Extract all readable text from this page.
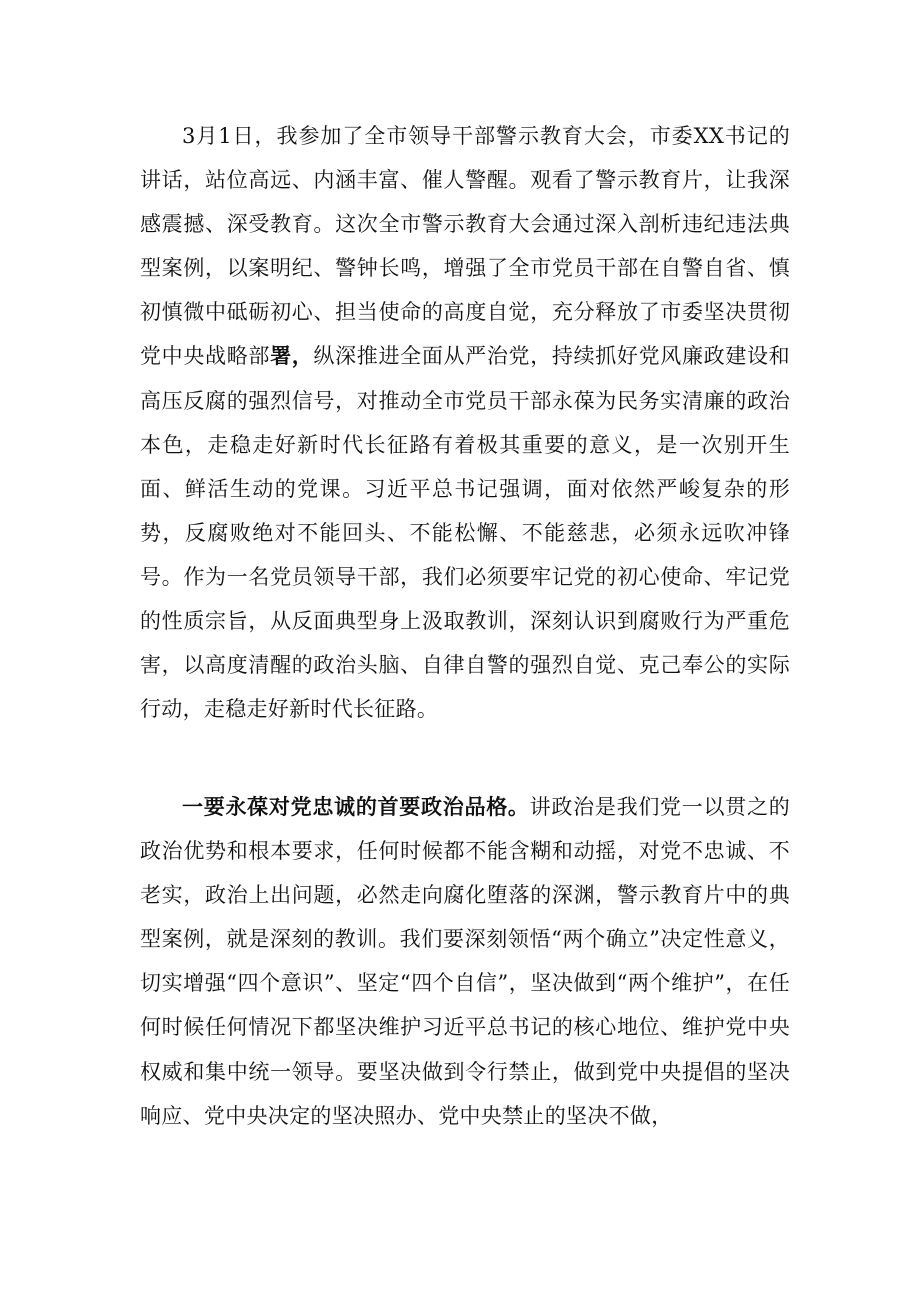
3月1日，我参加了全市领导干部警示教育大会，市委XX书记的讲话，站位高远、内涵丰富、催人警醒。观看了警示教育片，让我深感震撼、深受教育。这次全市警示教育大会通过深入剖析违纪违法典型案例，以案明纪、警钟长鸣，增强了全市党员干部在自警自省、慎初慎微中砥砺初心、担当使命的高度自觉，充分释放了市委坚决贯彻党中央战略部署，纵深推进全面从严治党，持续抓好党风廉政建设和高压反腐的强烈信号，对推动全市党员干部永葆为民务实清廉的政治本色，走稳走好新时代长征路有着极其重要的意义，是一次别开生面、鲜活生动的党课。习近平总书记强调，面对依然严峻复杂的形势，反腐败绝对不能回头、不能松懈、不能慈悲，必须永远吹冲锋号。作为一名党员领导干部，我们必须要牢记党的初心使命、牢记党的性质宗旨，从反面典型身上汲取教训，深刻认识到腐败行为严重危害，以高度清醒的政治头脑、自律自警的强烈自觉、克己奉公的实际行动，走稳走好新时代长征路。

一要永葆对党忠诚的首要政治品格。讲政治是我们党一以贯之的政治优势和根本要求，任何时候都不能含糊和动摇，对党不忠诚、不老实，政治上出问题，必然走向腐化堕落的深渊，警示教育片中的典型案例，就是深刻的教训。我们要深刻领悟“两个确立”决定性意义，切实增强“四个意识”、坚定“四个自信”，坚决做到“两个维护”，在任何时候任何情况下都坚决维护习近平总书记的核心地位、维护党中央权威和集中统一领导。要坚决做到令行禁止，做到党中央提倡的坚决响应、党中央决定的坚决照办、党中央禁止的坚决不做，
